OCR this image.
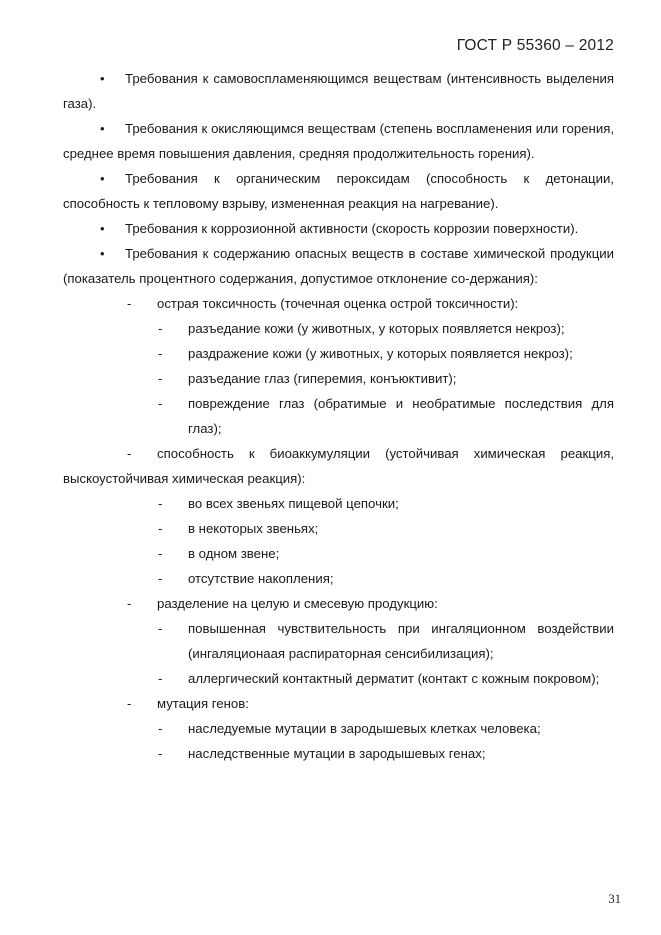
ГОСТ Р 55360 – 2012
•	Требования к самовоспламеняющимся веществам (интенсивность выделения газа).
•	Требования к окисляющимся веществам (степень воспламенения или горения, среднее время повышения давления, средняя продолжительность горения).
•	Требования к органическим пероксидам (способность к детонации, способность к тепловому взрыву, измененная реакция на нагревание).
•	Требования к коррозионной активности (скорость коррозии поверхности).
•	Требования к содержанию опасных веществ в составе химической продукции (показатель процентного содержания, допустимое отклонение со-держания):
- острая токсичность (точечная оценка острой токсичности):
- разъедание кожи (у животных, у которых появляется некроз);
- раздражение кожи (у животных, у которых появляется некроз);
- разъедание глаз (гиперемия, конъюктивит);
- повреждение глаз (обратимые и необратимые последствия для глаз);
- способность к биоаккумуляции (устойчивая химическая реакция, выскоустойчивая химическая реакция):
- во всех звеньях пищевой цепочки;
- в некоторых звеньях;
- в одном звене;
- отсутствие накопления;
- разделение на целую и смесевую продукцию:
- повышенная чувствительность при ингаляционном воздействии (ингаляционаая распираторная сенсибилизация);
- аллергический контактный дерматит (контакт с кожным покровом);
- мутация генов:
- наследуемые мутации в зародышевых клетках человека;
- наследственные мутации в зародышевых генах;
31
